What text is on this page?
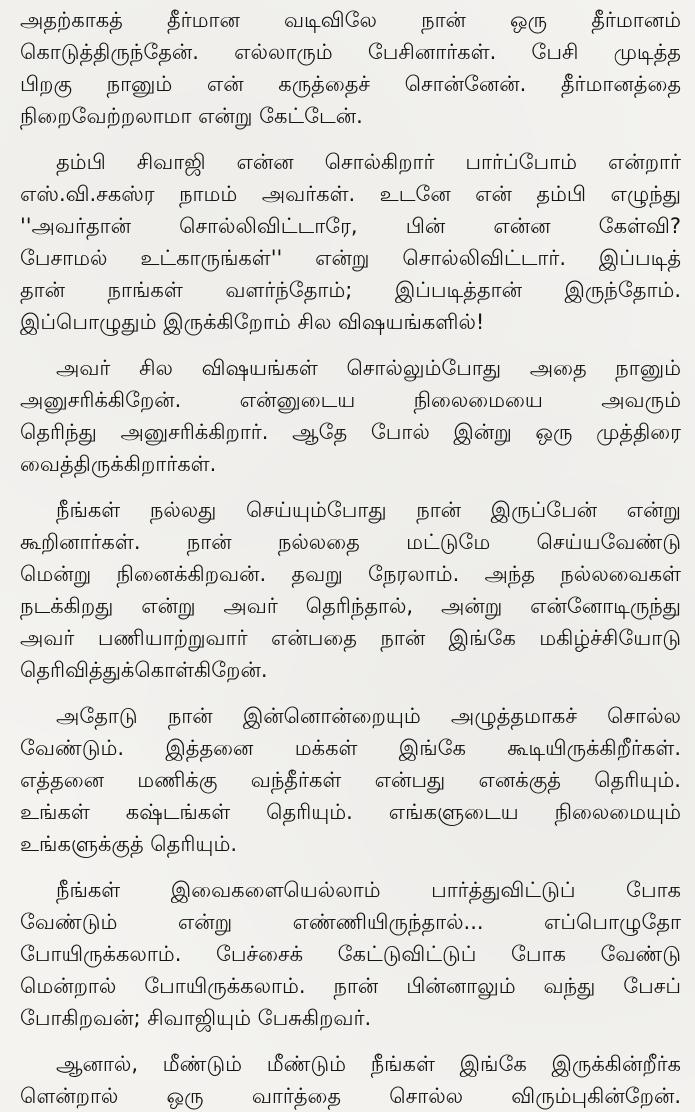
அதற்காகத் தீர்மான வடிவிலே நான் ஒரு தீர்மானம்
கொடுத்திருந்தேன். எல்லாரும் பேசினார்கள். பேசி முடித்த
பிறகு நானும் என் கருத்தைச் சொன்னேன். தீர்மானத்தை
நிறைவேற்றலாமா என்று கேட்டேன்.
தம்பி சிவாஜி என்ன சொல்கிறார் பார்ப்போம் என்றார்
எஸ்.வி.சகஸ்ர நாமம் அவர்கள். உடனே என் தம்பி எழுந்து
''அவர்தான் சொல்லிவிட்டாரே, பின் என்ன கேள்வி?
பேசாமல் உட்காருங்கள்'' என்று சொல்லிவிட்டார். இப்படித்
தான் நாங்கள் வளர்ந்தோம்; இப்படித்தான் இருந்தோம்.
இப்பொழுதும் இருக்கிறோம் சில விஷயங்களில்!
அவர் சில விஷயங்கள் சொல்லும்போது அதை நானும்
அனுசரிக்கிறேன். என்னுடைய நிலைமையை அவரும்
தெரிந்து அனுசரிக்கிறார். ஆதே போல் இன்று ஒரு முத்திரை
வைத்திருக்கிறார்கள்.
நீங்கள் நல்லது செய்யும்போது நான் இருப்பேன் என்று
கூறினார்கள். நான் நல்லதை மட்டுமே செய்யவேண்டு
மென்று நினைக்கிறவன். தவறு நேரலாம். அந்த நல்லவைகள்
நடக்கிறது என்று அவர் தெரிந்தால், அன்று என்னோடிருந்து
அவர் பணியாற்றுவார் என்பதை நான் இங்கே மகிழ்ச்சியோடு
தெரிவித்துக்கொள்கிறேன்.
அதோடு நான் இன்னொன்றையும் அழுத்தமாகச் சொல்ல
வேண்டும். இத்தனை மக்கள் இங்கே கூடியிருக்கிறீர்கள்.
எத்தனை மணிக்கு வந்தீர்கள் என்பது எனக்குத் தெரியும்.
உங்கள் கஷ்டங்கள் தெரியும். எங்களுடைய நிலைமையும்
உங்களுக்குத் தெரியும்.
நீங்கள் இவைகளையெல்லாம் பார்த்துவிட்டுப் போக
வேண்டும் என்று எண்ணியிருந்தால்... எப்பொழுதோ
போயிருக்கலாம். பேச்சைக் கேட்டுவிட்டுப் போக வேண்டு
மென்றால் போயிருக்கலாம். நான் பின்னாலும் வந்து பேசப்
போகிறவன்; சிவாஜியும் பேசுகிறவர்.
ஆனால், மீண்டும் மீண்டும் நீங்கள் இங்கே இருக்கின்றீர்க
ளென்றால் ஒரு வார்த்தை சொல்ல விரும்புகின்றேன்.
